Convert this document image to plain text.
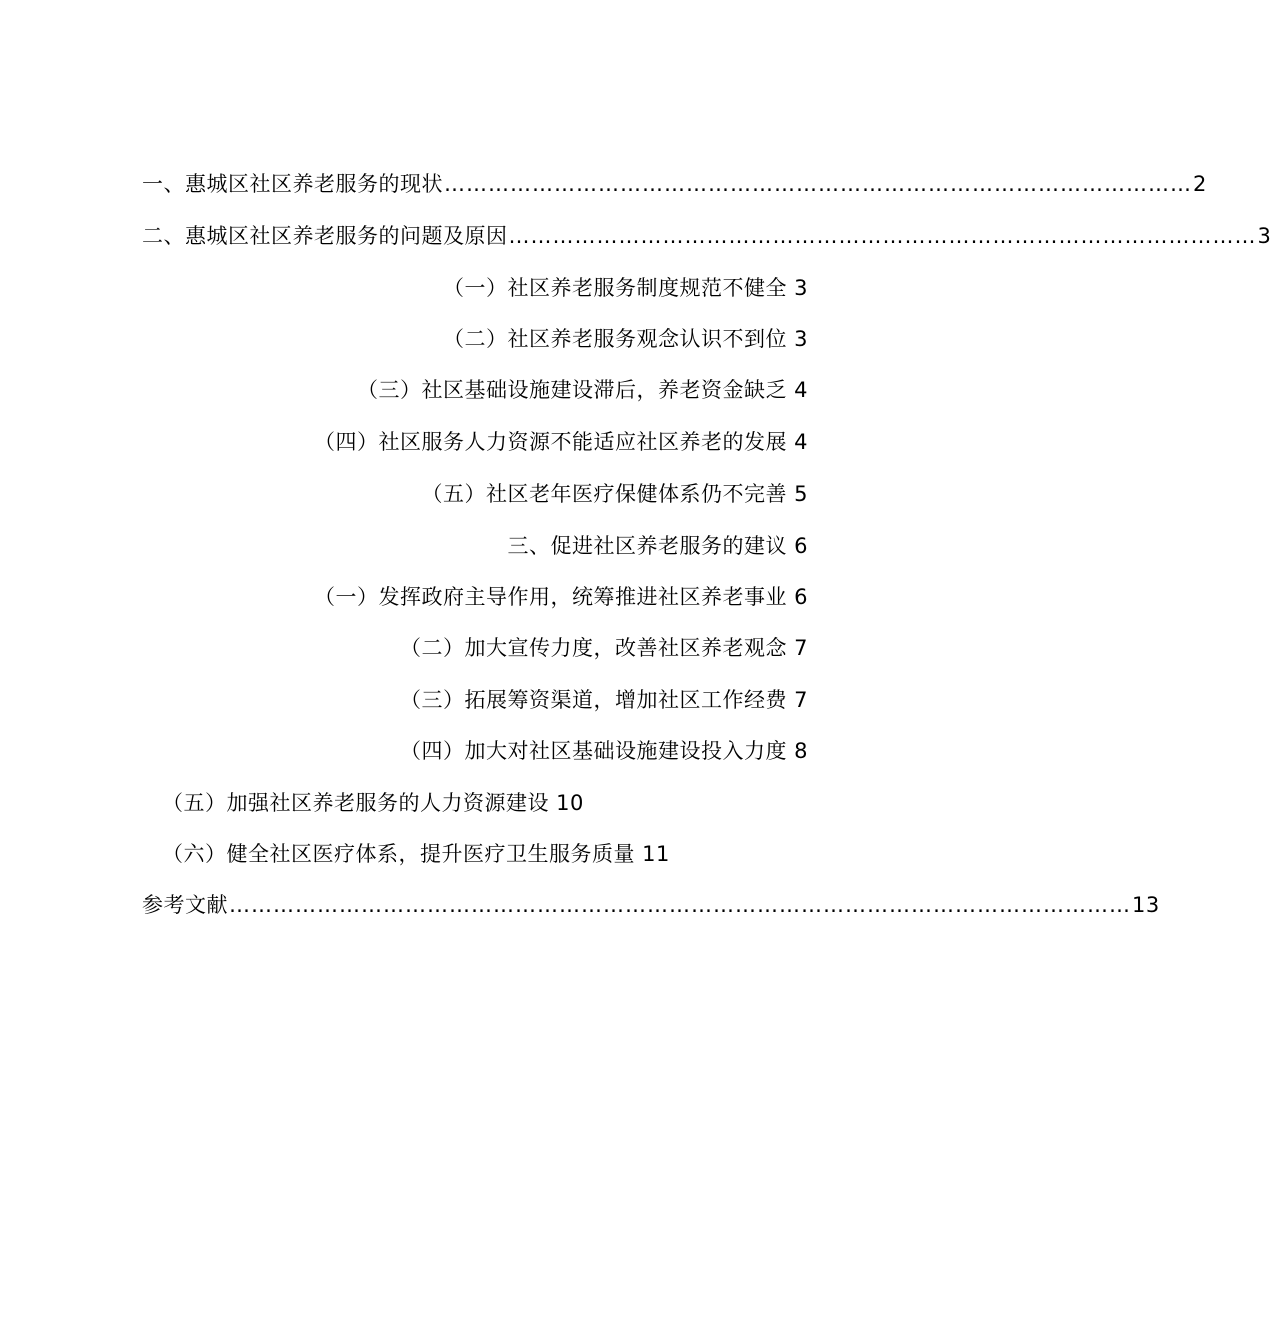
一、惠城区社区养老服务的现状 ………………………………………………………………………………………… 2
二、惠城区社区养老服务的问题及原因 ………………………………………………………………………………………… 3
（一）社区养老服务制度规范不健全 3
（二）社区养老服务观念认识不到位 3
（三）社区基础设施建设滞后，养老资金缺乏 4
（四）社区服务人力资源不能适应社区养老的发展 4
（五）社区老年医疗保健体系仍不完善 5
三、促进社区养老服务的建议 6
（一）发挥政府主导作用，统筹推进社区养老事业 6
（二）加大宣传力度，改善社区养老观念 7
（三）拓展筹资渠道，增加社区工作经费 7
（四）加大对社区基础设施建设投入力度 8
（五）加强社区养老服务的人力资源建设 10
（六）健全社区医疗体系，提升医疗卫生服务质量 11
参考文献 …………………………………………………………………………………………………………… 13
